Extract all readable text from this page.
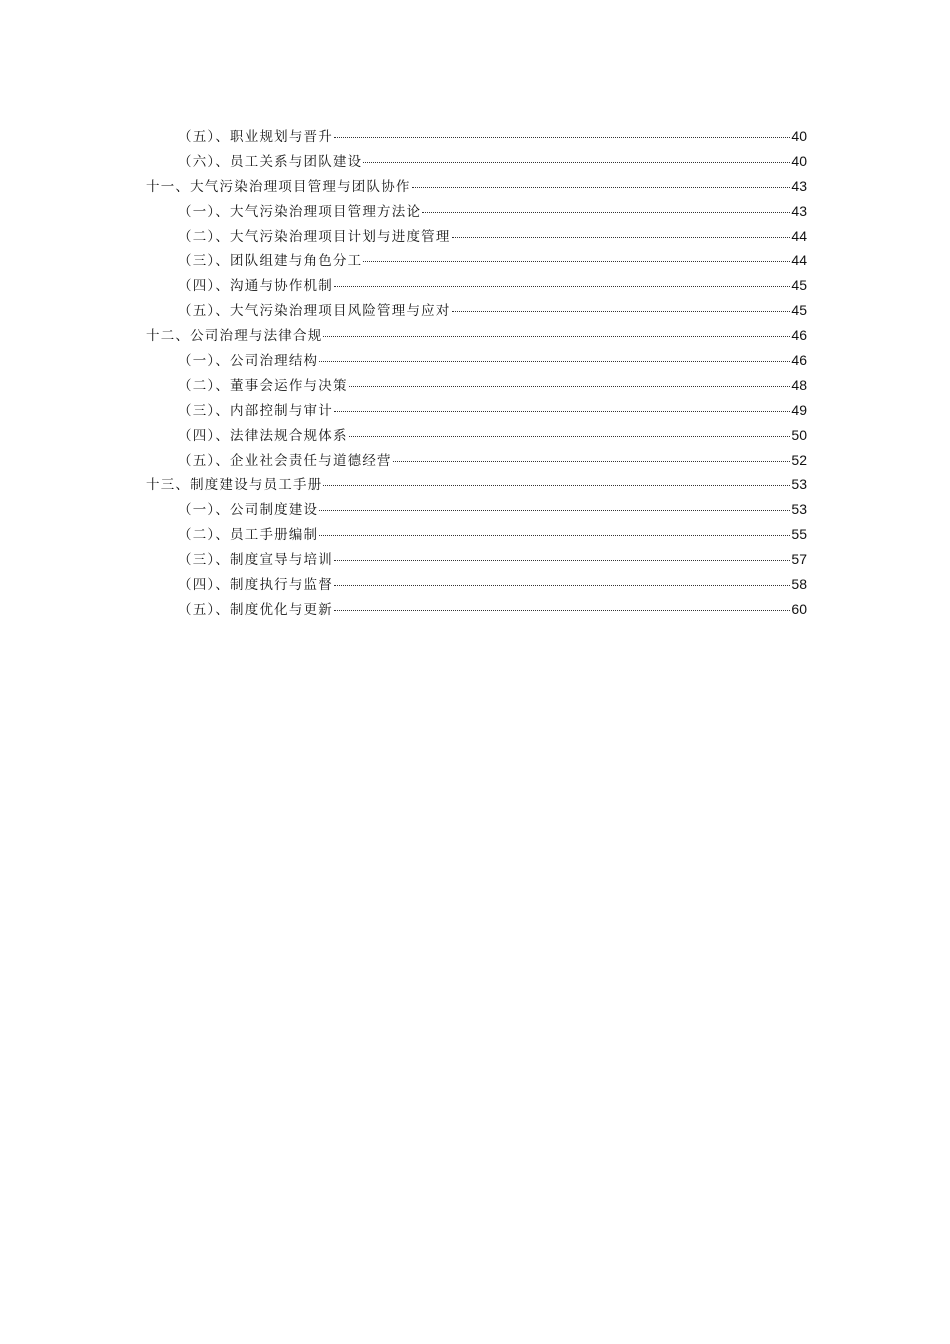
（五）、职业规划与晋升	40
（六）、员工关系与团队建设	40
十一、大气污染治理项目管理与团队协作	43
（一）、大气污染治理项目管理方法论	43
（二）、大气污染治理项目计划与进度管理	44
（三）、团队组建与角色分工	44
（四）、沟通与协作机制	45
（五）、大气污染治理项目风险管理与应对	45
十二、公司治理与法律合规	46
（一）、公司治理结构	46
（二）、董事会运作与决策	48
（三）、内部控制与审计	49
（四）、法律法规合规体系	50
（五）、企业社会责任与道德经营	52
十三、制度建设与员工手册	53
（一）、公司制度建设	53
（二）、员工手册编制	55
（三）、制度宣导与培训	57
（四）、制度执行与监督	58
（五）、制度优化与更新	60
